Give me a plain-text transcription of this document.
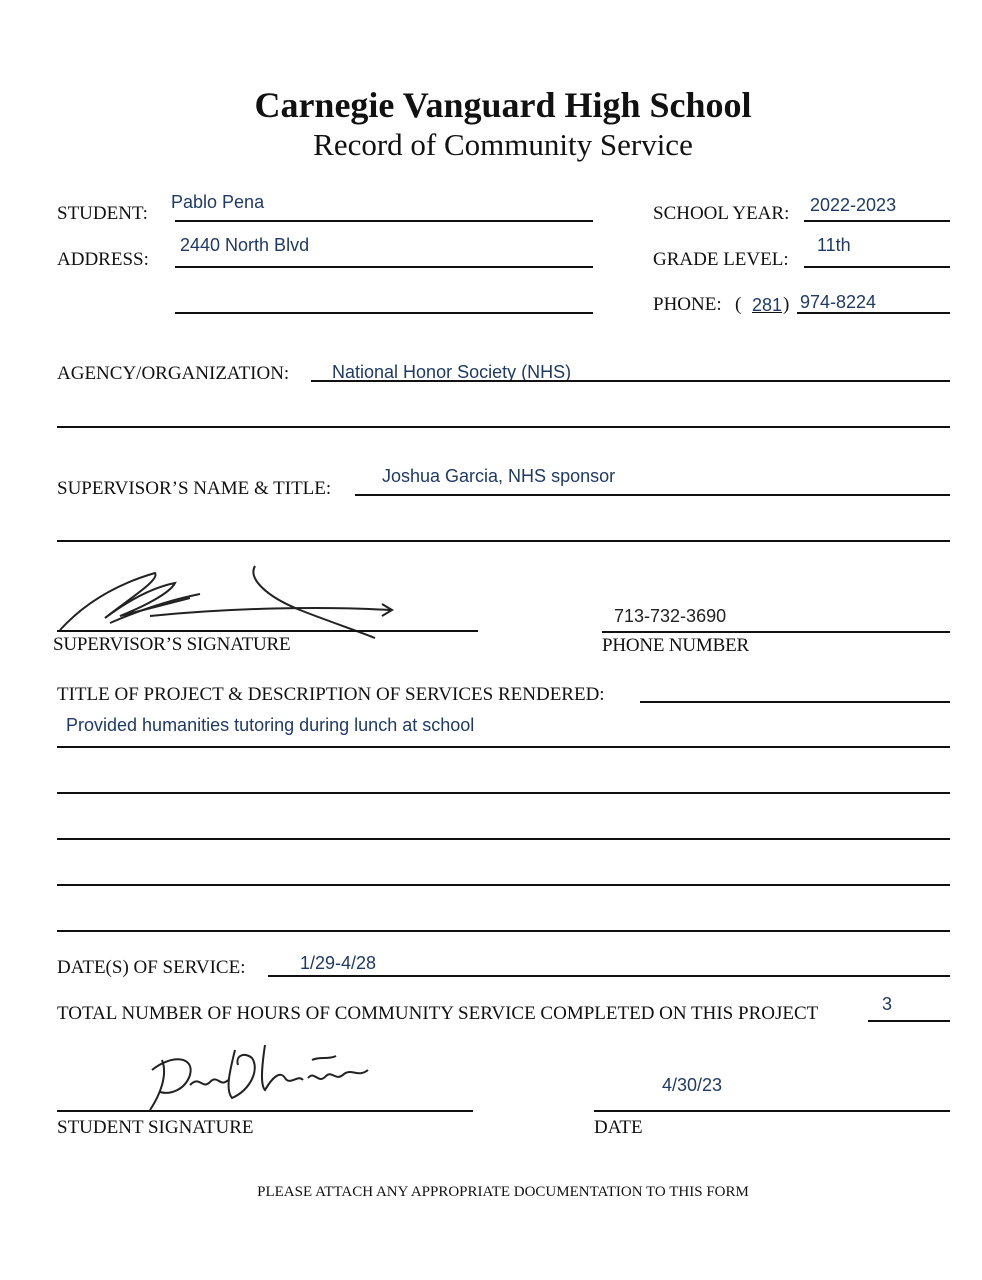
Carnegie Vanguard High School
Record of Community Service
STUDENT:
Pablo Pena
ADDRESS:
2440 North Blvd
SCHOOL YEAR: 2022-2023
GRADE LEVEL:
11th
PHONE: ( 281 ) 974-8224
AGENCY/ORGANIZATION: National Honor Society (NHS)
SUPERVISOR’S NAME & TITLE:
Joshua Garcia, NHS sponsor
SUPERVISOR’S SIGNATURE
713-732-3690
PHONE NUMBER
TITLE OF PROJECT & DESCRIPTION OF SERVICES RENDERED:
Provided humanities tutoring during lunch at school
DATE(S) OF SERVICE:	1/29-4/28
TOTAL NUMBER OF HOURS OF COMMUNITY SERVICE COMPLETED ON THIS PROJECT	3
STUDENT SIGNATURE
4/30/23
DATE
PLEASE ATTACH ANY APPROPRIATE DOCUMENTATION TO THIS FORM
